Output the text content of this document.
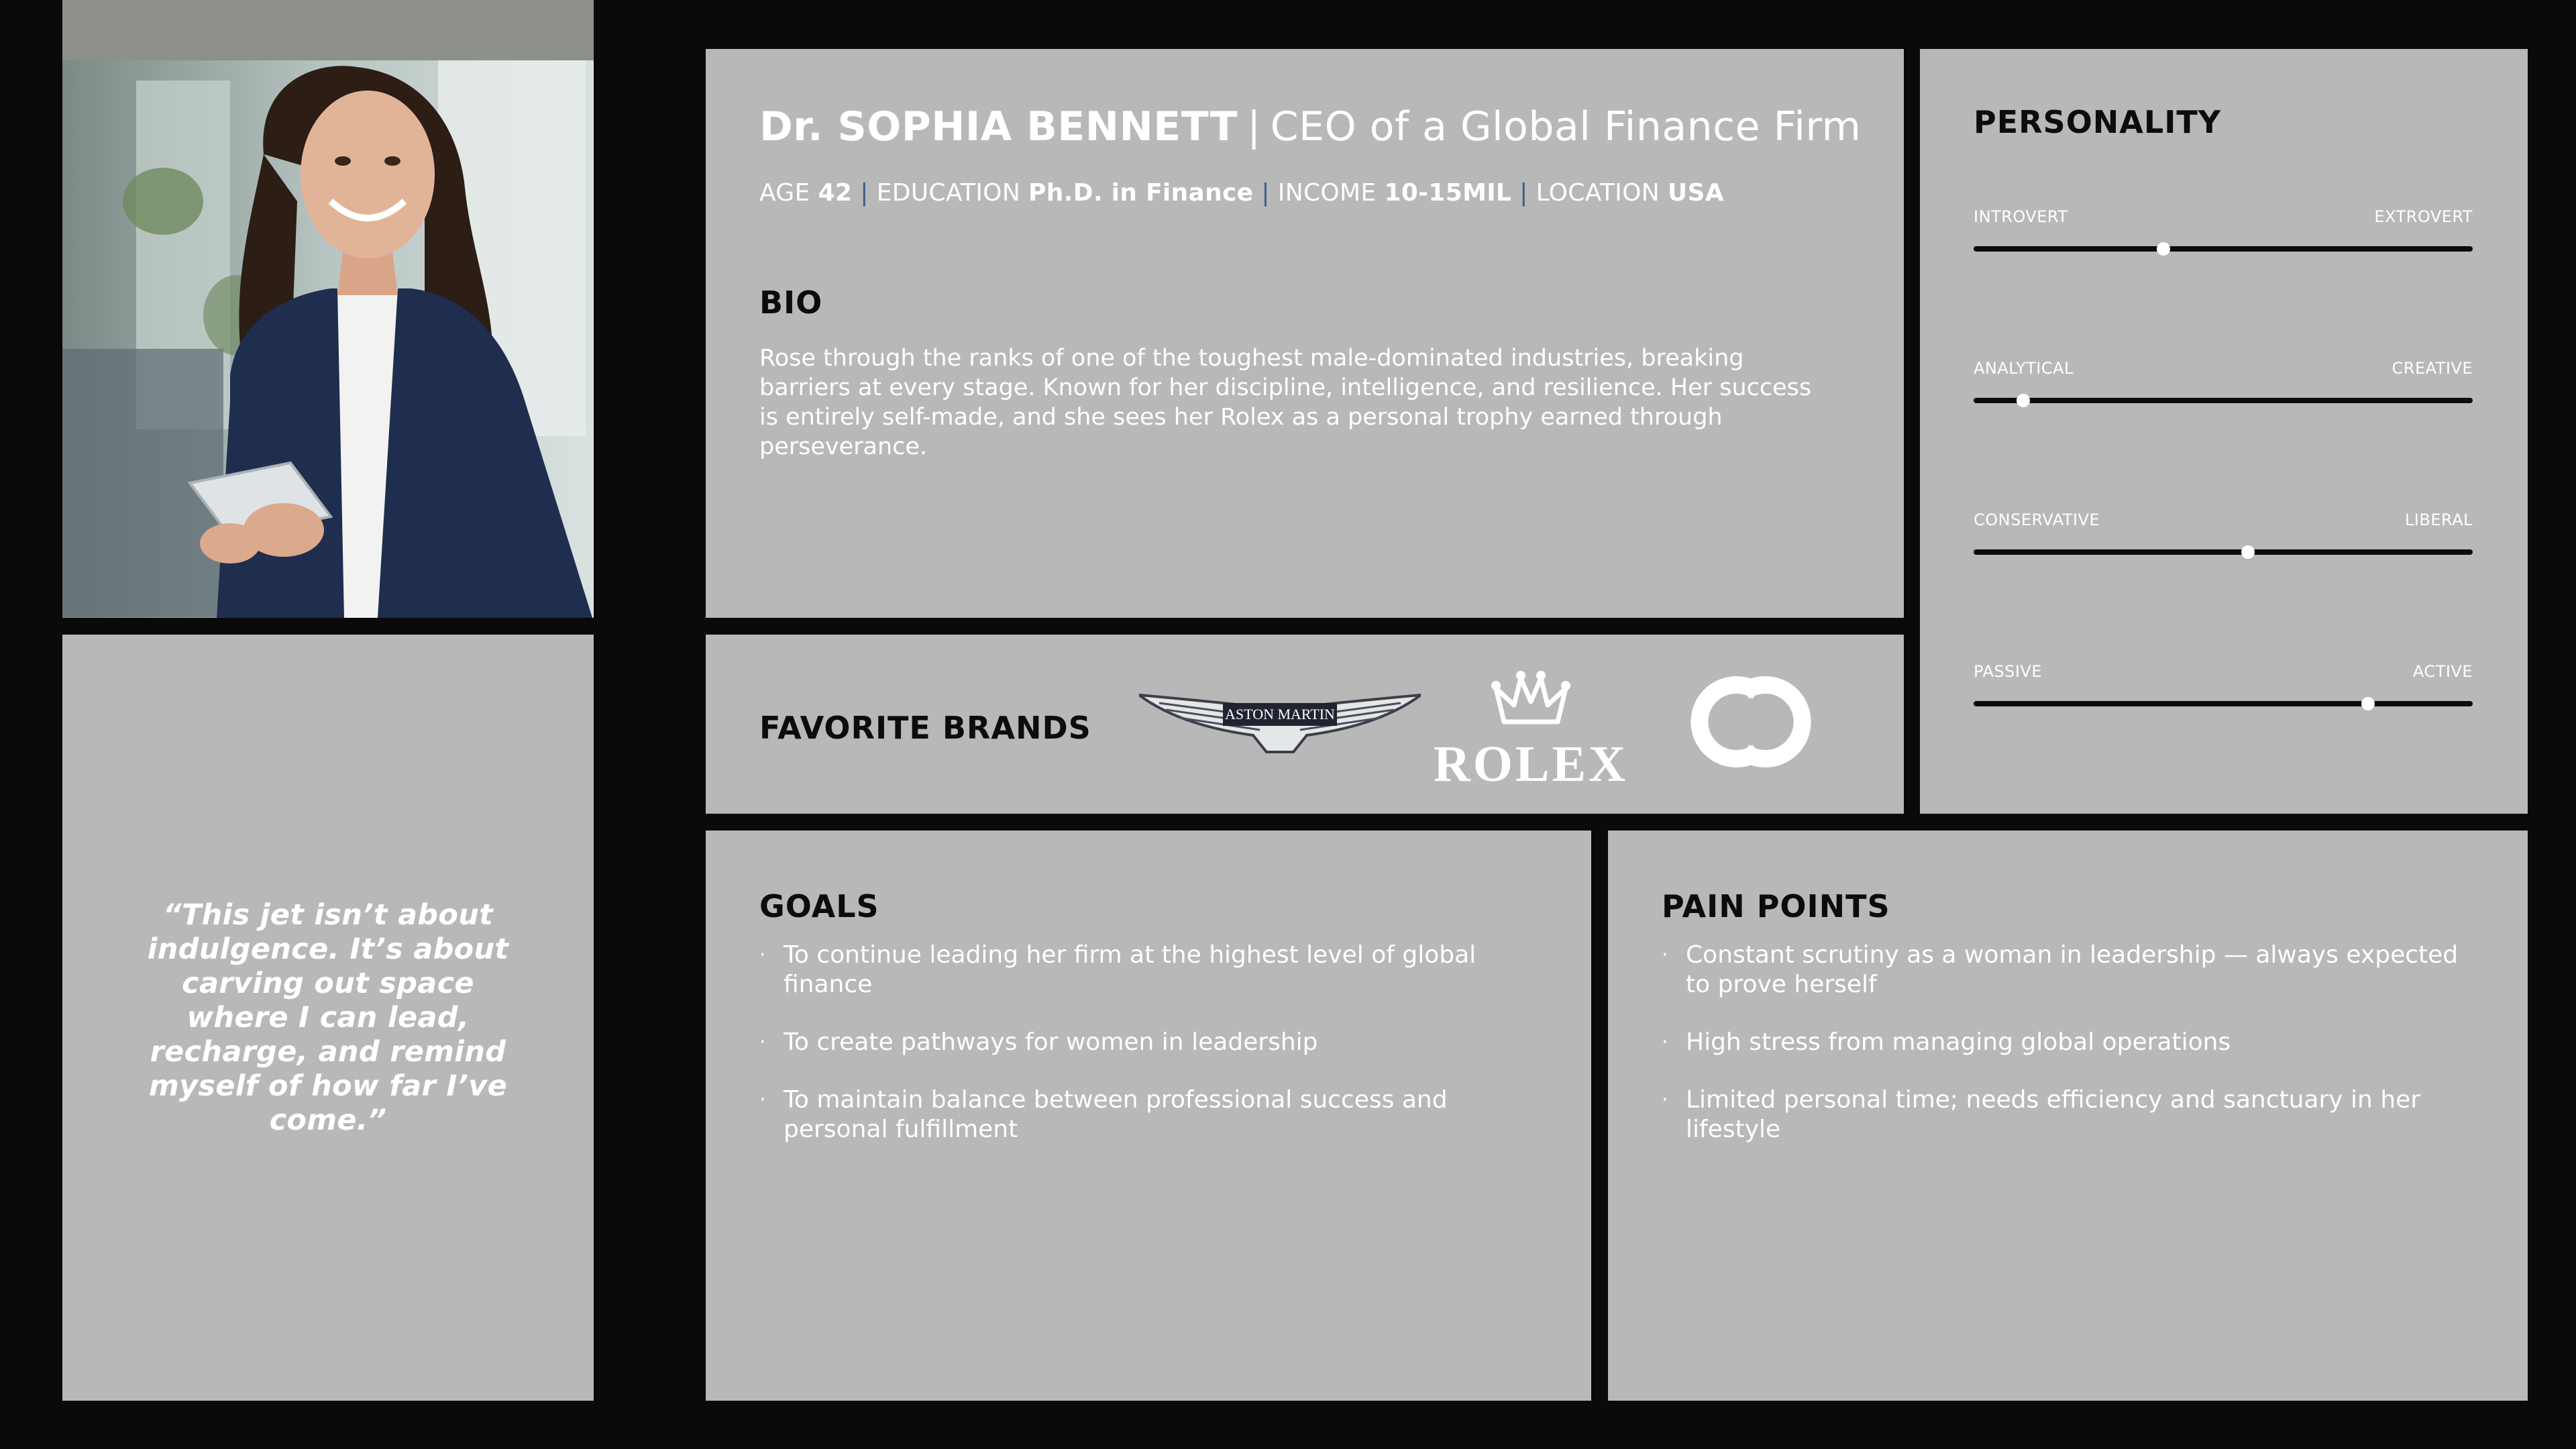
“This jet isn’t about indulgence. It’s about carving out space where I can lead, recharge, and remind myself of how far I’ve come.”
Dr. SOPHIA BENNETT | CEO of a Global Finance Firm
AGE 42 | EDUCATION Ph.D. in Finance | INCOME 10-15MIL | LOCATION USA
BIO
Rose through the ranks of one of the toughest male-dominated industries, breaking barriers at every stage. Known for her discipline, intelligence, and resilience. Her success is entirely self-made, and she sees her Rolex as a personal trophy earned through perseverance.
FAVORITE BRANDS	ASTON MARTIN
ROLEX
PERSONALITY
INTROVERT	EXTROVERT
ANALYTICAL	CREATIVE
CONSERVATIVE	LIBERAL
PASSIVE	ACTIVE
GOALS
· To continue leading her firm at the highest level of global finance
· To create pathways for women in leadership
· To maintain balance between professional success and personal fulfillment
PAIN POINTS
· Constant scrutiny as a woman in leadership — always expected to prove herself
· High stress from managing global operations
· Limited personal time; needs efficiency and sanctuary in her lifestyle
